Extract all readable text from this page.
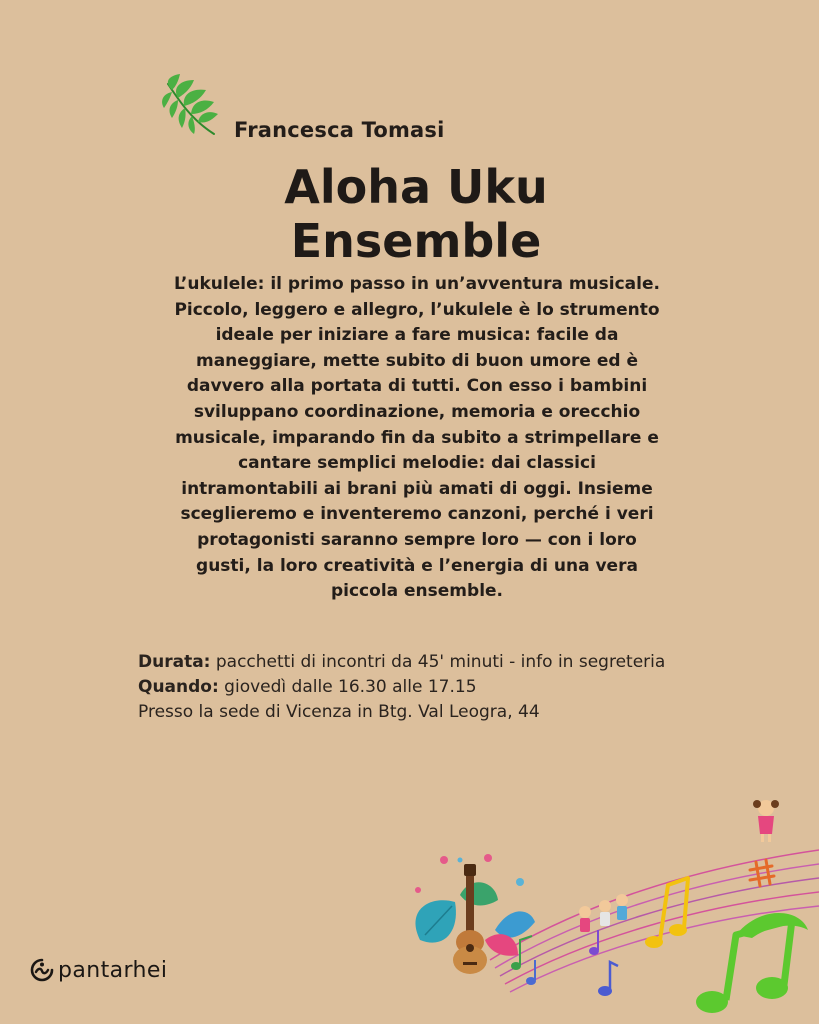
Francesca Tomasi
Aloha Uku
Ensemble
L’ukulele: il primo passo in un’avventura musicale.
Piccolo, leggero e allegro, l’ukulele è lo strumento
ideale per iniziare a fare musica: facile da
maneggiare, mette subito di buon umore ed è
davvero alla portata di tutti. Con esso i bambini
sviluppano coordinazione, memoria e orecchio
musicale, imparando fin da subito a strimpellare e
cantare semplici melodie: dai classici
intramontabili ai brani più amati di oggi. Insieme
sceglieremo e inventeremo canzoni, perché i veri
protagonisti saranno sempre loro — con i loro
gusti, la loro creatività e l’energia di una vera
piccola ensemble.
Durata: pacchetti di incontri da 45' minuti - info in segreteria
Quando: giovedì dalle 16.30 alle 17.15
Presso la sede di Vicenza in Btg. Val Leogra, 44
pantarhei
